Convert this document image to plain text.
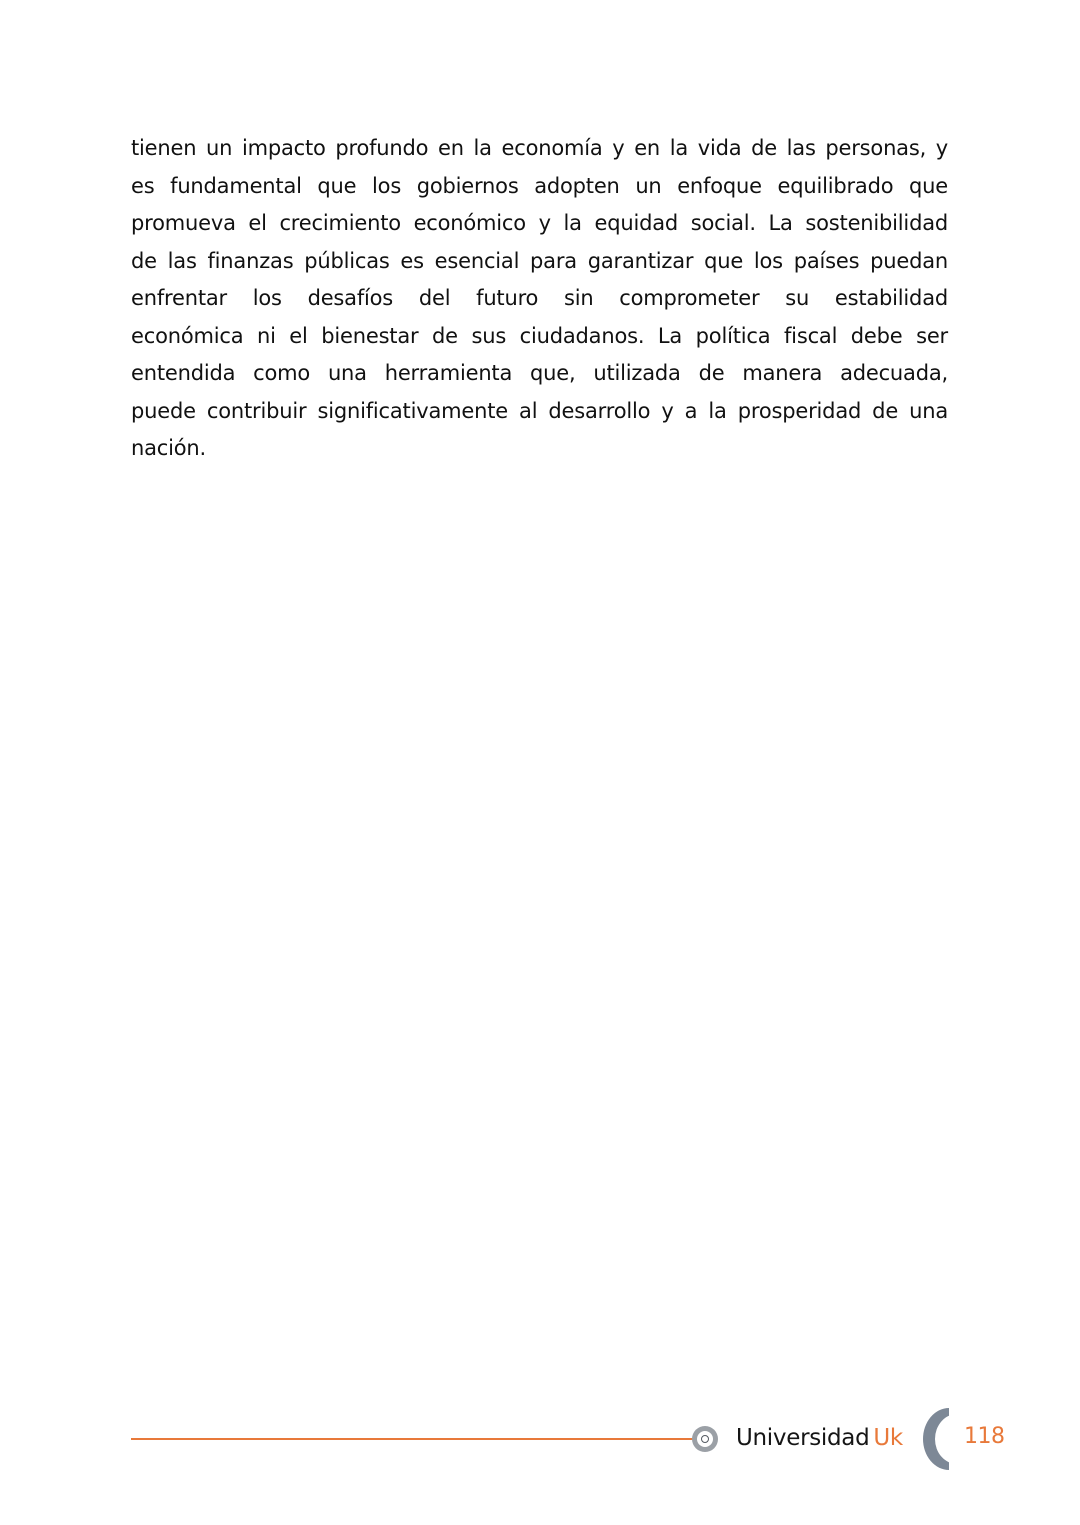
tienen un impacto profundo en la economía y en la vida de las personas, y
es fundamental que los gobiernos adopten un enfoque equilibrado que
promueva el crecimiento económico y la equidad social. La sostenibilidad
de las finanzas públicas es esencial para garantizar que los países puedan
enfrentar los desafíos del futuro sin comprometer su estabilidad
económica ni el bienestar de sus ciudadanos. La política fiscal debe ser
entendida como una herramienta que, utilizada de manera adecuada,
puede contribuir significativamente al desarrollo y a la prosperidad de una
nación.
Universidad Uk	118
